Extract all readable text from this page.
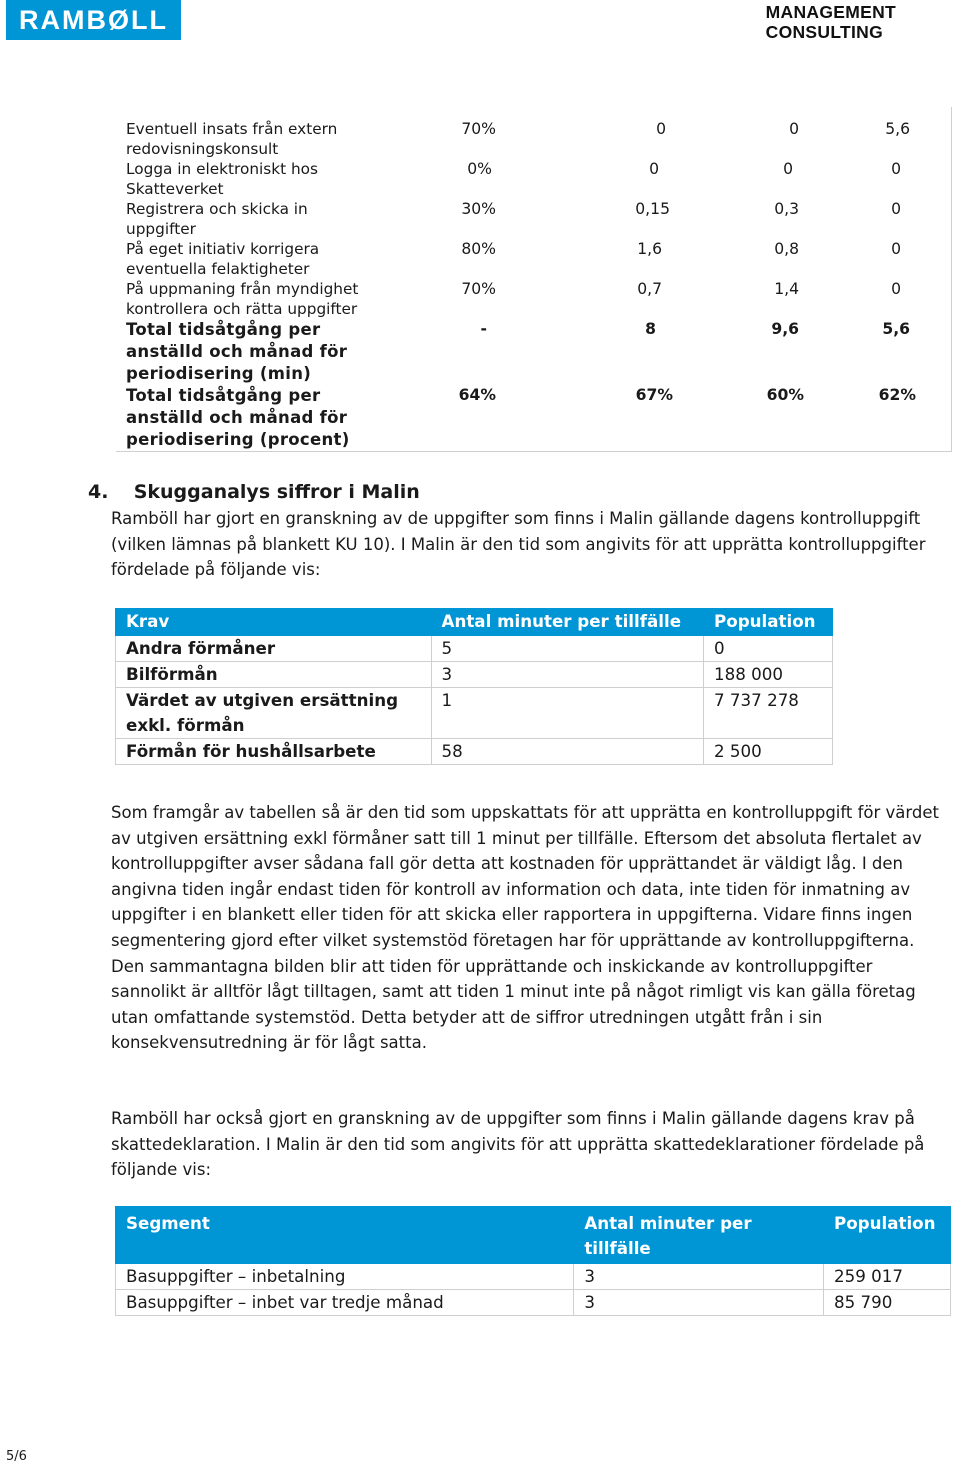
RAMBØLL	MANAGEMENT
CONSULTING
Eventuell insats från extern redovisningskonsult
70%	0	0	5,6
Logga in elektroniskt hos Skatteverket
0%	0	0	0
Registrera och skicka in uppgifter
30%	0,15	0,3	0
På eget initiativ korrigera eventuella felaktigheter
80%	1,6	0,8	0
På uppmaning från myndighet kontrollera och rätta uppgifter
70%	0,7	1,4	0
Total tidsåtgång per anställd och månad för periodisering (min)
-	8	9,6	5,6
Total tidsåtgång per anställd och månad för periodisering (procent)
64%	67%	60%	62%
4. Skugganalys siffror i Malin
Ramböll har gjort en granskning av de uppgifter som finns i Malin gällande dagens kontrolluppgift (vilken lämnas på blankett KU 10). I Malin är den tid som angivits för att upprätta kontrolluppgifter fördelade på följande vis:
Krav	Antal minuter per tillfälle	Population
Andra förmåner	5	0
Bilförmån	3	188 000
Värdet av utgiven ersättning exkl. förmån	1	7 737 278
Förmån för hushållsarbete	58	2 500
Som framgår av tabellen så är den tid som uppskattats för att upprätta en kontrolluppgift för värdet av utgiven ersättning exkl förmåner satt till 1 minut per tillfälle. Eftersom det absoluta flertalet av kontrolluppgifter avser sådana fall gör detta att kostnaden för upprättandet är väldigt låg. I den angivna tiden ingår endast tiden för kontroll av information och data, inte tiden för inmatning av uppgifter i en blankett eller tiden för att skicka eller rapportera in uppgifterna. Vidare finns ingen segmentering gjord efter vilket systemstöd företagen har för upprättande av kontrolluppgifterna. Den sammantagna bilden blir att tiden för upprättande och inskickande av kontrolluppgifter sannolikt är alltför lågt tilltagen, samt att tiden 1 minut inte på något rimligt vis kan gälla företag utan omfattande systemstöd. Detta betyder att de siffror utredningen utgått från i sin konsekvensutredning är för lågt satta.
Ramböll har också gjort en granskning av de uppgifter som finns i Malin gällande dagens krav på skattedeklaration. I Malin är den tid som angivits för att upprätta skattedeklarationer fördelade på följande vis:
Segment	Antal minuter per tillfälle	Population
Basuppgifter – inbetalning	3	259 017
Basuppgifter – inbet var tredje månad	3	85 790
5/6
